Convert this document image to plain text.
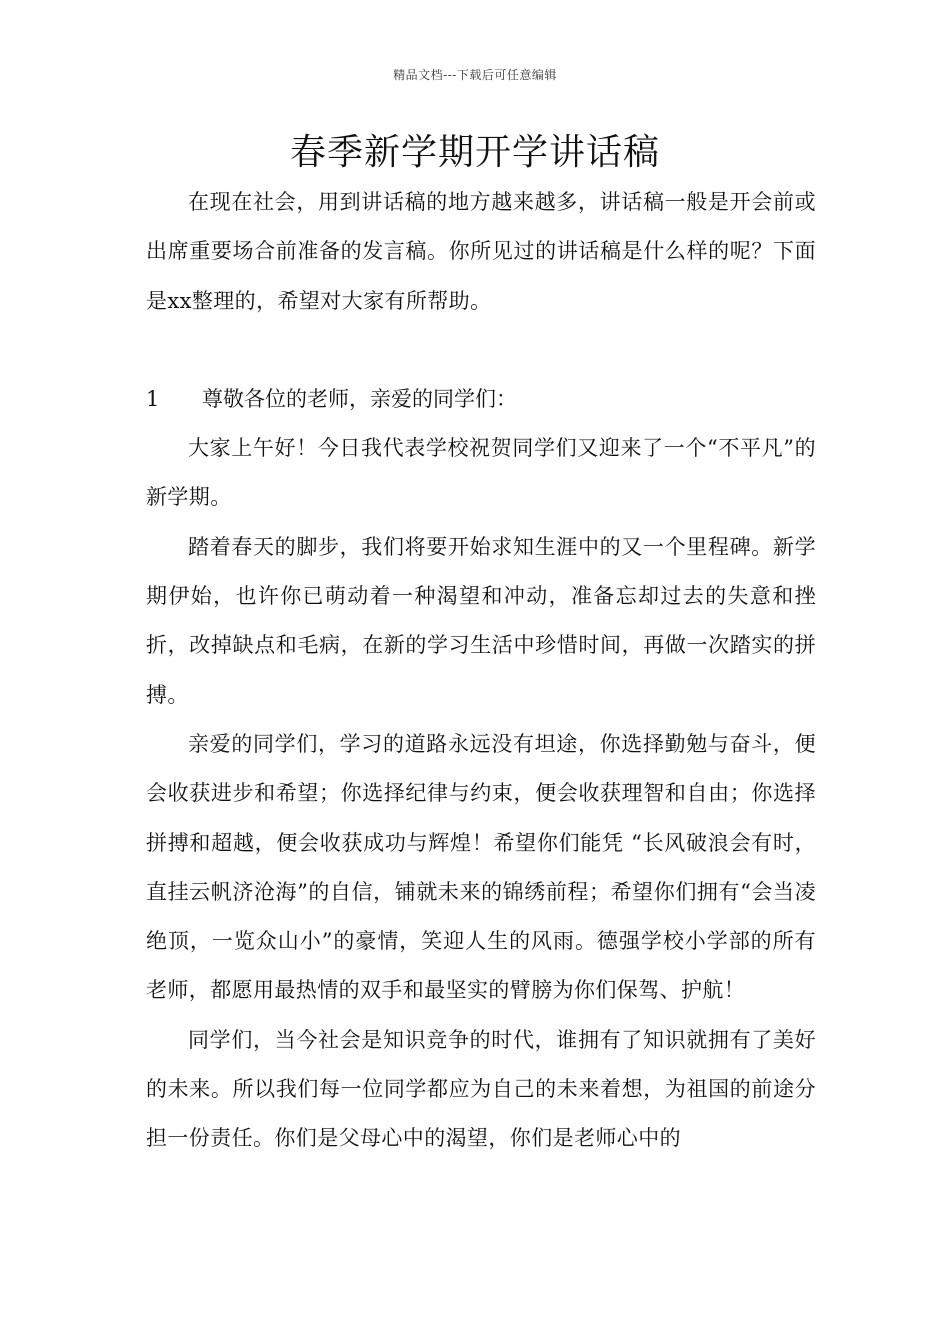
精品文档---下载后可任意编辑
春季新学期开学讲话稿

在现在社会，用到讲话稿的地方越来越多，讲话稿一般是开会前或出席重要场合前准备的发言稿。你所见过的讲话稿是什么样的呢？下面是xx整理的，希望对大家有所帮助。

1	尊敬各位的老师，亲爱的同学们：

大家上午好！今日我代表学校祝贺同学们又迎来了一个“不平凡”的新学期。

踏着春天的脚步，我们将要开始求知生涯中的又一个里程碑。新学期伊始，也许你已萌动着一种渴望和冲动，准备忘却过去的失意和挫折，改掉缺点和毛病，在新的学习生活中珍惜时间，再做一次踏实的拼搏。

亲爱的同学们，学习的道路永远没有坦途，你选择勤勉与奋斗，便会收获进步和希望；你选择纪律与约束，便会收获理智和自由；你选择拼搏和超越，便会收获成功与辉煌！希望你们能凭 “长风破浪会有时，直挂云帆济沧海”的自信，铺就未来的锦绣前程；希望你们拥有“会当凌绝顶，一览众山小”的豪情，笑迎人生的风雨。德强学校小学部的所有老师，都愿用最热情的双手和最坚实的臂膀为你们保驾、护航！

同学们，当今社会是知识竞争的时代，谁拥有了知识就拥有了美好的未来。所以我们每一位同学都应为自己的未来着想，为祖国的前途分担一份责任。你们是父母心中的渴望，你们是老师心中的
